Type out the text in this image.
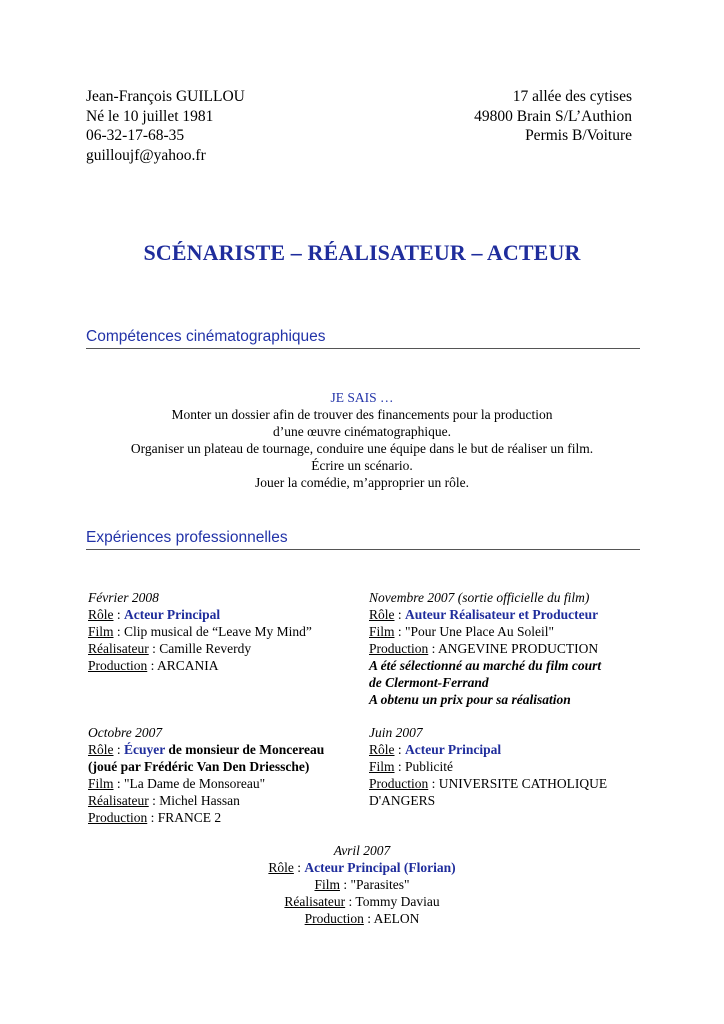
Jean-François GUILLOU
Né le 10 juillet 1981
06-32-17-68-35
guilloujf@yahoo.fr
17 allée des cytises
49800 Brain S/L’Authion
Permis B/Voiture
SCÉNARISTE – RÉALISATEUR – ACTEUR
Compétences cinématographiques
JE SAIS …
Monter un dossier afin de trouver des financements pour la production
d’une œuvre cinématographique.
Organiser un plateau de tournage, conduire une équipe dans le but de réaliser un film.
Écrire un scénario.
Jouer la comédie, m’approprier un rôle.
Expériences professionnelles
Février 2008
Rôle : Acteur Principal
Film : Clip musical de “Leave My Mind”
Réalisateur : Camille Reverdy
Production : ARCANIA
Novembre 2007 (sortie officielle du film)
Rôle : Auteur Réalisateur et Producteur
Film : "Pour Une Place Au Soleil"
Production : ANGEVINE PRODUCTION
A été sélectionné au marché du film court
de Clermont-Ferrand
A obtenu un prix pour sa réalisation
Octobre 2007
Rôle : Écuyer de monsieur de Moncereau
(joué par Frédéric Van Den Driessche)
Film : "La Dame de Monsoreau"
Réalisateur : Michel Hassan
Production : FRANCE 2
Juin 2007
Rôle : Acteur Principal
Film : Publicité
Production : UNIVERSITE CATHOLIQUE
D'ANGERS
Avril 2007
Rôle : Acteur Principal (Florian)
Film : "Parasites"
Réalisateur : Tommy Daviau
Production : AELON
